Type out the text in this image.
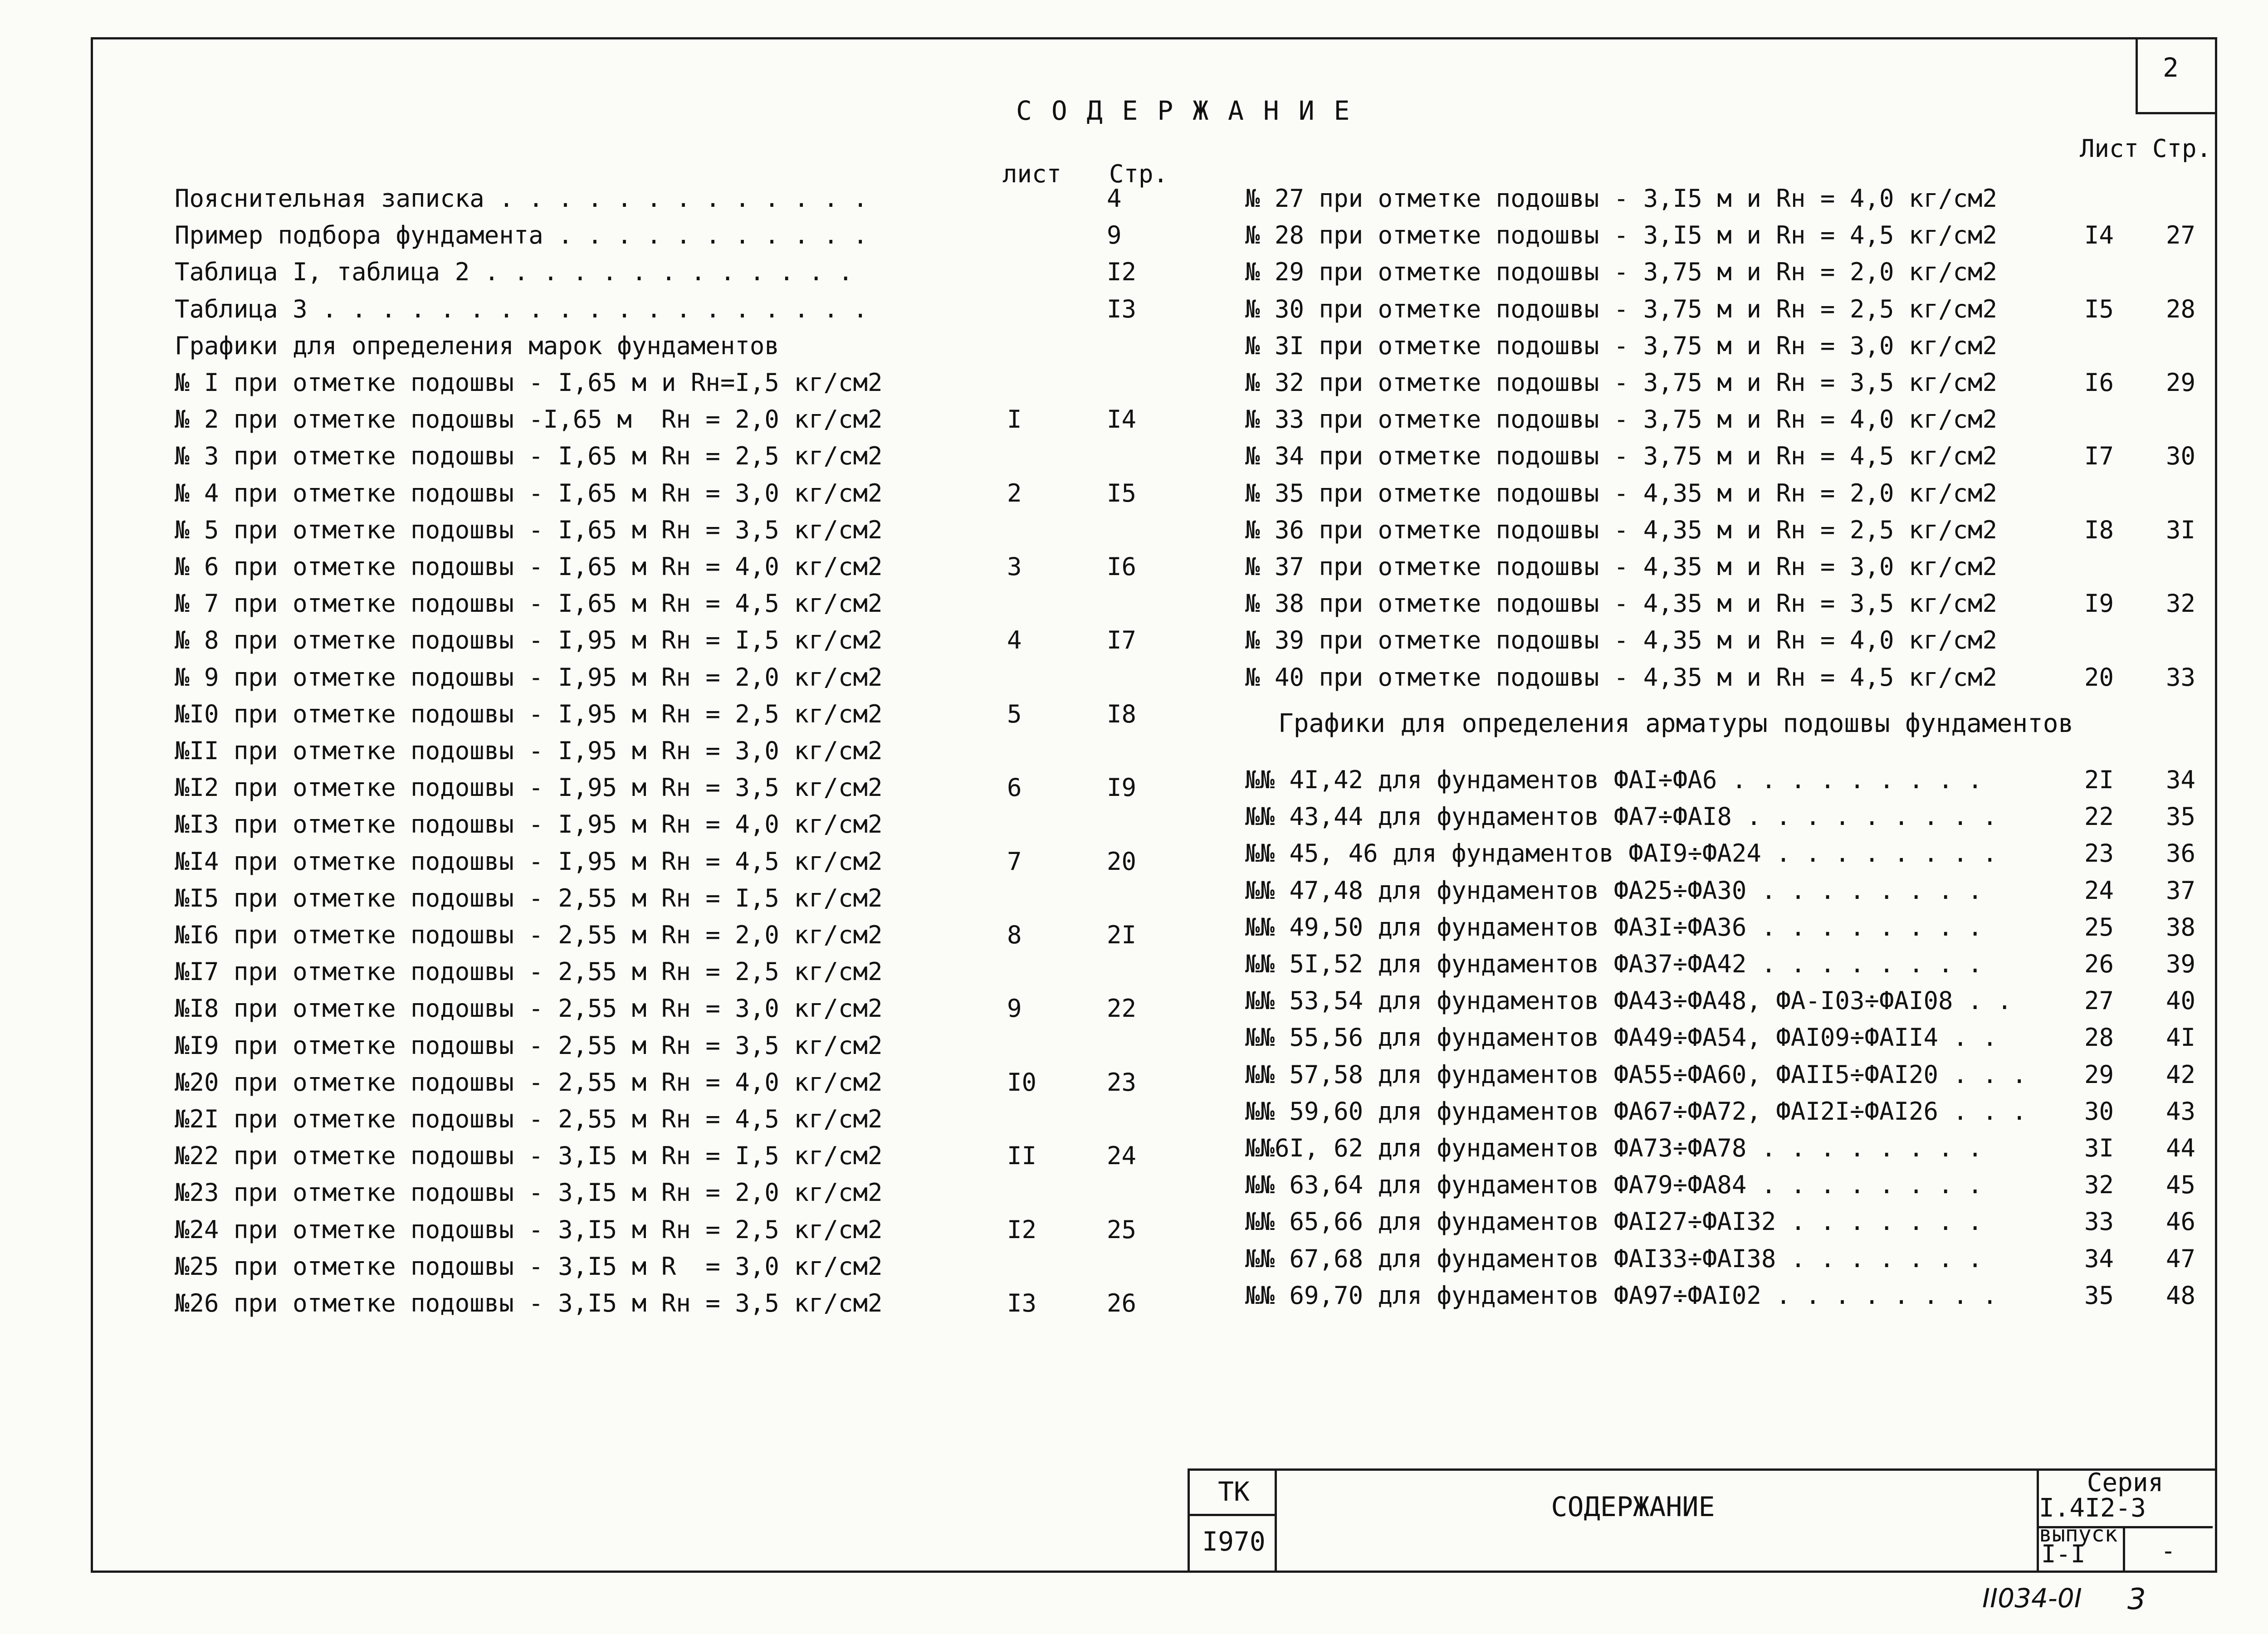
2
С О Д Е Р Ж А Н И Е
лист Стр.
Лист Стр.
Пояснительная записка . . . . . . . . . . . . .	4
Пример подбора фундамента . . . . . . . . . . .	9
Таблица I, таблица 2 . . . . . . . . . . . . .	I2
Таблица 3 . . . . . . . . . . . . . . . . . . .	I3
Графики для определения марок фундаментов
№ I при отметке подошвы - I,65 м и Rн=I,5 кг/см2
№ 2 при отметке подошвы -I,65 м  Rн = 2,0 кг/см2	I	I4
№ 3 при отметке подошвы - I,65 м Rн = 2,5 кг/см2
№ 4 при отметке подошвы - I,65 м Rн = 3,0 кг/см2	2	I5
№ 5 при отметке подошвы - I,65 м Rн = 3,5 кг/см2
№ 6 при отметке подошвы - I,65 м Rн = 4,0 кг/см2	3	I6
№ 7 при отметке подошвы - I,65 м Rн = 4,5 кг/см2
№ 8 при отметке подошвы - I,95 м Rн = I,5 кг/см2	4	I7
№ 9 при отметке подошвы - I,95 м Rн = 2,0 кг/см2
№I0 при отметке подошвы - I,95 м Rн = 2,5 кг/см2	5	I8
№II при отметке подошвы - I,95 м Rн = 3,0 кг/см2
№I2 при отметке подошвы - I,95 м Rн = 3,5 кг/см2	6	I9
№I3 при отметке подошвы - I,95 м Rн = 4,0 кг/см2
№I4 при отметке подошвы - I,95 м Rн = 4,5 кг/см2	7	20
№I5 при отметке подошвы - 2,55 м Rн = I,5 кг/см2
№I6 при отметке подошвы - 2,55 м Rн = 2,0 кг/см2	8	2I
№I7 при отметке подошвы - 2,55 м Rн = 2,5 кг/см2
№I8 при отметке подошвы - 2,55 м Rн = 3,0 кг/см2	9	22
№I9 при отметке подошвы - 2,55 м Rн = 3,5 кг/см2
№20 при отметке подошвы - 2,55 м Rн = 4,0 кг/см2	I0	23
№2I при отметке подошвы - 2,55 м Rн = 4,5 кг/см2
№22 при отметке подошвы - 3,I5 м Rн = I,5 кг/см2	II	24
№23 при отметке подошвы - 3,I5 м Rн = 2,0 кг/см2
№24 при отметке подошвы - 3,I5 м Rн = 2,5 кг/см2	I2	25
№25 при отметке подошвы - 3,I5 м R  = 3,0 кг/см2
№26 при отметке подошвы - 3,I5 м Rн = 3,5 кг/см2	I3	26
№ 27 при отметке подошвы - 3,I5 м и Rн = 4,0 кг/см2
№ 28 при отметке подошвы - 3,I5 м и Rн = 4,5 кг/см2	I4 27
№ 29 при отметке подошвы - 3,75 м и Rн = 2,0 кг/см2
№ 30 при отметке подошвы - 3,75 м и Rн = 2,5 кг/см2	I5 28
№ 3I при отметке подошвы - 3,75 м и Rн = 3,0 кг/см2
№ 32 при отметке подошвы - 3,75 м и Rн = 3,5 кг/см2	I6 29
№ 33 при отметке подошвы - 3,75 м и Rн = 4,0 кг/см2
№ 34 при отметке подошвы - 3,75 м и Rн = 4,5 кг/см2	I7 30
№ 35 при отметке подошвы - 4,35 м и Rн = 2,0 кг/см2
№ 36 при отметке подошвы - 4,35 м и Rн = 2,5 кг/см2	I8 3I
№ 37 при отметке подошвы - 4,35 м и Rн = 3,0 кг/см2
№ 38 при отметке подошвы - 4,35 м и Rн = 3,5 кг/см2	I9 32
№ 39 при отметке подошвы - 4,35 м и Rн = 4,0 кг/см2
№ 40 при отметке подошвы - 4,35 м и Rн = 4,5 кг/см2	20 33
Графики для определения арматуры подошвы фундаментов
№№ 4I,42 для фундаментов ФАI÷ФА6 . . . . . . . . .	2I 34
№№ 43,44 для фундаментов ФА7÷ФАI8 . . . . . . . . .	22 35
№№ 45, 46 для фундаментов ФАI9÷ФА24 . . . . . . . .	23 36
№№ 47,48 для фундаментов ФА25÷ФА30 . . . . . . . .	24 37
№№ 49,50 для фундаментов ФА3I÷ФА36 . . . . . . . .	25 38
№№ 5I,52 для фундаментов ФА37÷ФА42 . . . . . . . .	26 39
№№ 53,54 для фундаментов ФА43÷ФА48, ФА-I03÷ФАI08 . .	27 40
№№ 55,56 для фундаментов ФА49÷ФА54, ФАI09÷ФАII4 . .	28 4I
№№ 57,58 для фундаментов ФА55÷ФА60, ФАII5÷ФАI20 . . . 29 42
№№ 59,60 для фундаментов ФА67÷ФА72, ФАI2I÷ФАI26 . . . 30 43
№№6I, 62 для фундаментов ФА73÷ФА78 . . . . . . . .	3I 44
№№ 63,64 для фундаментов ФА79÷ФА84 . . . . . . . .	32 45
№№ 65,66 для фундаментов ФАI27÷ФАI32 . . . . . . .	33 46
№№ 67,68 для фундаментов ФАI33÷ФАI38 . . . . . . .	34 47
№№ 69,70 для фундаментов ФА97÷ФАI02 . . . . . . . .	35 48
ТК
I970
СОДЕРЖАНИЕ
Серия
I.4I2-3
выпуск
I-I	-
II034-0I 3
